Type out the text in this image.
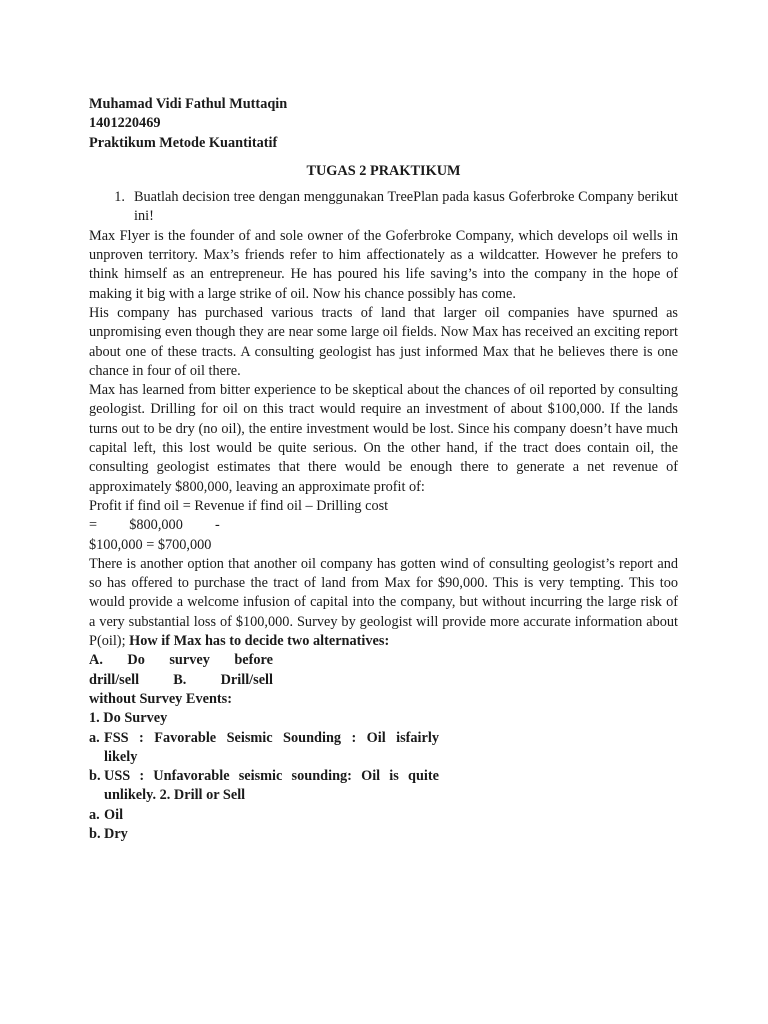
Muhamad Vidi Fathul Muttaqin
1401220469
Praktikum Metode Kuantitatif
TUGAS 2 PRAKTIKUM
1. Buatlah decision tree dengan menggunakan TreePlan pada kasus Goferbroke Company berikut ini!
Max Flyer is the founder of and sole owner of the Goferbroke Company, which develops oil wells in unproven territory. Max’s friends refer to him affectionately as a wildcatter. However he prefers to think himself as an entrepreneur. He has poured his life saving’s into the company in the hope of making it big with a large strike of oil. Now his chance possibly has come.
His company has purchased various tracts of land that larger oil companies have spurned as unpromising even though they are near some large oil fields. Now Max has received an exciting report about one of these tracts. A consulting geologist has just informed Max that he believes there is one chance in four of oil there.
Max has learned from bitter experience to be skeptical about the chances of oil reported by consulting geologist. Drilling for oil on this tract would require an investment of about $100,000. If the lands turns out to be dry (no oil), the entire investment would be lost. Since his company doesn’t have much capital left, this lost would be quite serious. On the other hand, if the tract does contain oil, the consulting geologist estimates that there would be enough there to generate a net revenue of approximately $800,000, leaving an approximate profit of:
Profit if find oil = Revenue if find oil – Drilling cost
=         $800,000         -
$100,000 = $700,000
There is another option that another oil company has gotten wind of consulting geologist’s report and so has offered to purchase the tract of land from Max for $90,000. This is very tempting. This too would provide a welcome infusion of capital into the company, but without incurring the large risk of a very substantial loss of $100,000. Survey by geologist will provide more accurate information about P(oil); How if Max has to decide two alternatives:
A. Do survey before
drill/sell B. Drill/sell
without Survey Events:
1. Do Survey
a. FSS : Favorable Seismic Sounding : Oil isfairly
likely
b. USS : Unfavorable seismic sounding: Oil is quite
unlikely. 2. Drill or Sell
a. Oil
b. Dry
